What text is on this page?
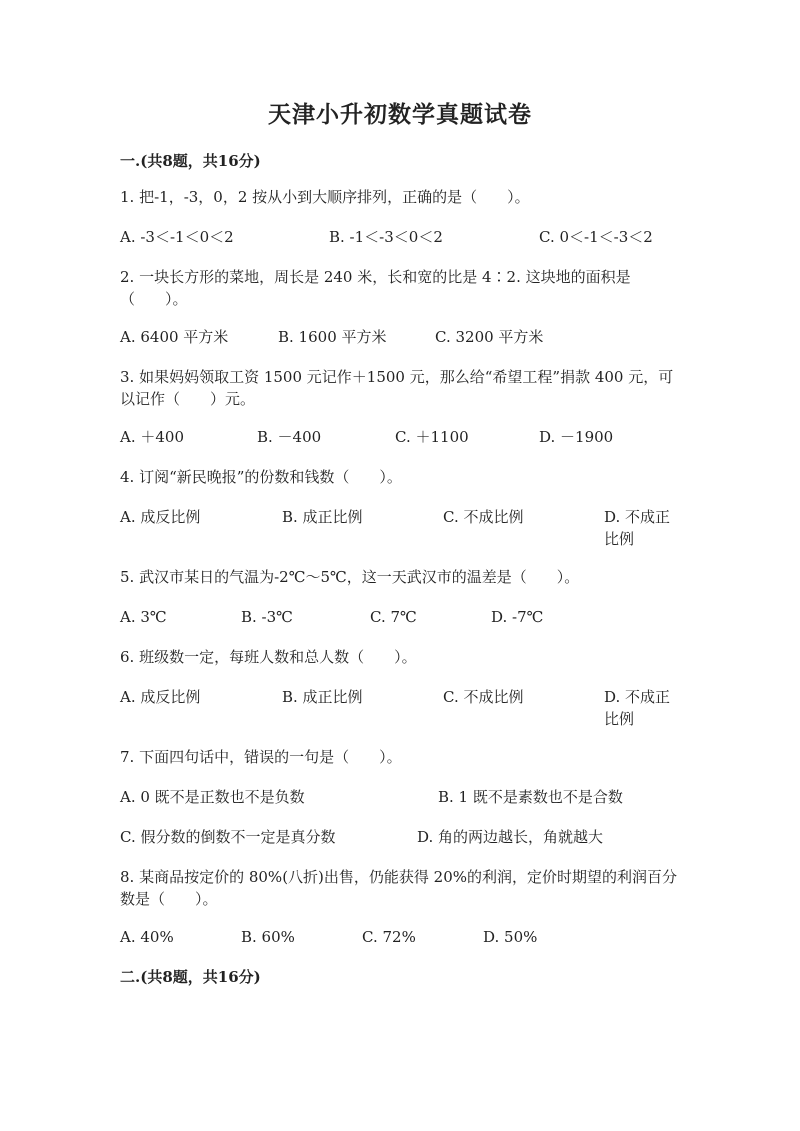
天津小升初数学真题试卷
一.(共8题，共16分)
1. 把-1，-3，0，2 按从小到大顺序排列，正确的是（　　）。
A. -3＜-1＜0＜2	B. -1＜-3＜0＜2	C. 0＜-1＜-3＜2
2. 一块长方形的菜地，周长是 240 米，长和宽的比是 4∶2. 这块地的面积是（　　）。
A. 6400 平方米	B. 1600 平方米	C. 3200 平方米
3. 如果妈妈领取工资 1500 元记作＋1500 元，那么给“希望工程”捐款 400 元，可以记作（　　）元。
A. ＋400	B. －400	C. ＋1100	D. －1900
4. 订阅“新民晚报”的份数和钱数（　　）。
A. 成反比例	B. 成正比例	C. 不成比例	D. 不成正比例
5. 武汉市某日的气温为-2℃～5℃，这一天武汉市的温差是（　　）。
A. 3℃	B. -3℃	C. 7℃	D. -7℃
6. 班级数一定，每班人数和总人数（　　）。
A. 成反比例	B. 成正比例	C. 不成比例	D. 不成正比例
7. 下面四句话中，错误的一句是（　　）。
A. 0 既不是正数也不是负数	B. 1 既不是素数也不是合数
C. 假分数的倒数不一定是真分数	D. 角的两边越长，角就越大
8. 某商品按定价的 80%(八折)出售，仍能获得 20%的利润，定价时期望的利润百分数是（　　）。
A. 40%	B. 60%	C. 72%	D. 50%
二.(共8题，共16分)
